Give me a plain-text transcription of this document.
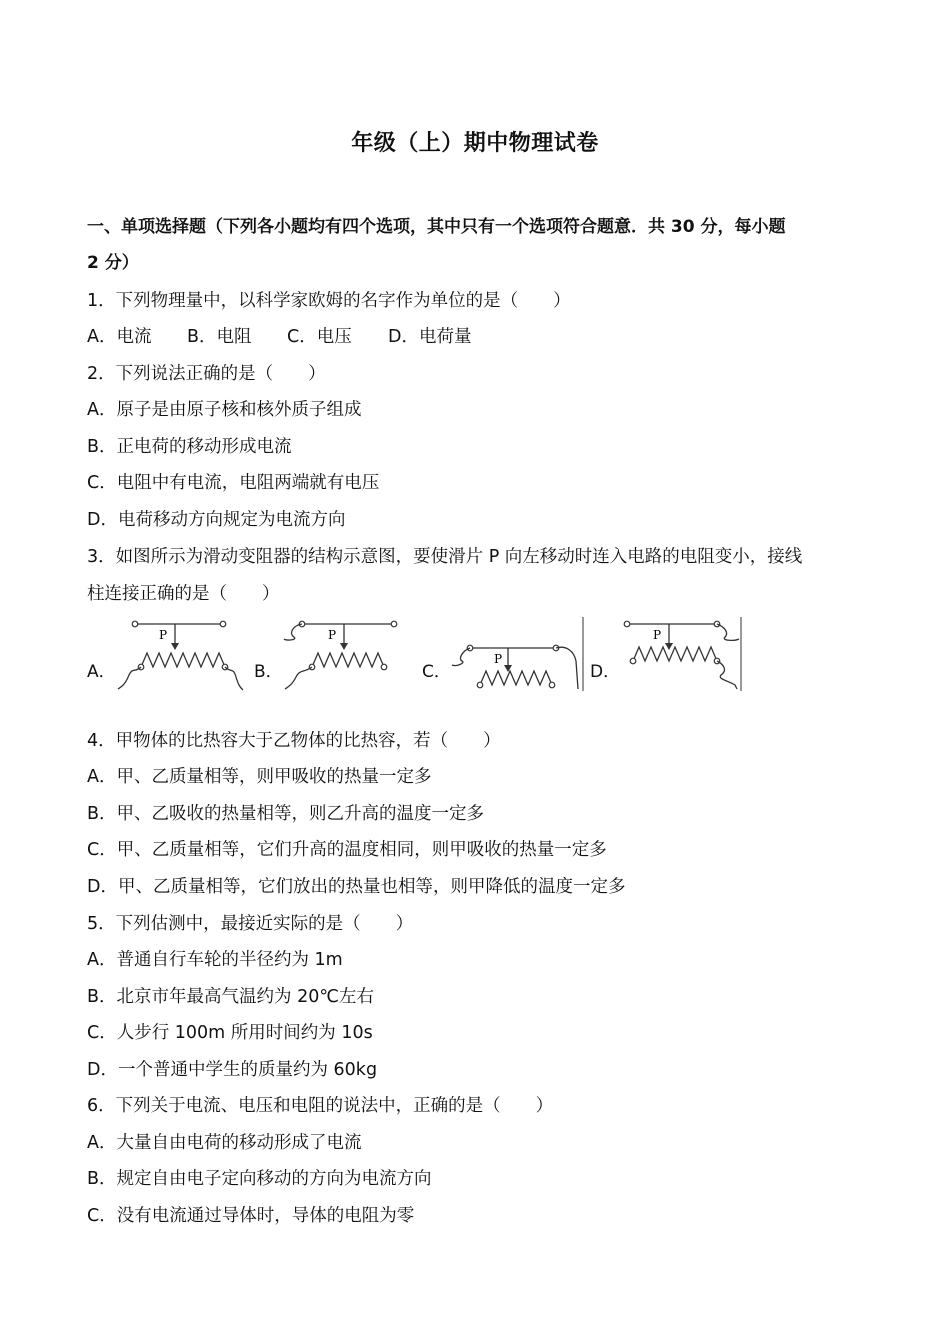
年级（上）期中物理试卷
一、单项选择题（下列各小题均有四个选项，其中只有一个选项符合题意．共 30 分，每小题
2 分）
1．下列物理量中，以科学家欧姆的名字作为单位的是（　　）
A．电流 B．电阻 C．电压 D．电荷量
2．下列说法正确的是（　　）
A．原子是由原子核和核外质子组成
B．正电荷的移动形成电流
C．电阻中有电流，电阻两端就有电压
D．电荷移动方向规定为电流方向
3．如图所示为滑动变阻器的结构示意图，要使滑片 P 向左移动时连入电路的电阻变小，接线
柱连接正确的是（　　）
A．
P
B．
P
C．
P
D．
P
4．甲物体的比热容大于乙物体的比热容，若（　　）
A．甲、乙质量相等，则甲吸收的热量一定多
B．甲、乙吸收的热量相等，则乙升高的温度一定多
C．甲、乙质量相等，它们升高的温度相同，则甲吸收的热量一定多
D．甲、乙质量相等，它们放出的热量也相等，则甲降低的温度一定多
5．下列估测中，最接近实际的是（　　）
A．普通自行车轮的半径约为 1m
B．北京市年最高气温约为 20℃左右
C．人步行 100m 所用时间约为 10s
D．一个普通中学生的质量约为 60kg
6．下列关于电流、电压和电阻的说法中，正确的是（　　）
A．大量自由电荷的移动形成了电流
B．规定自由电子定向移动的方向为电流方向
C．没有电流通过导体时，导体的电阻为零
